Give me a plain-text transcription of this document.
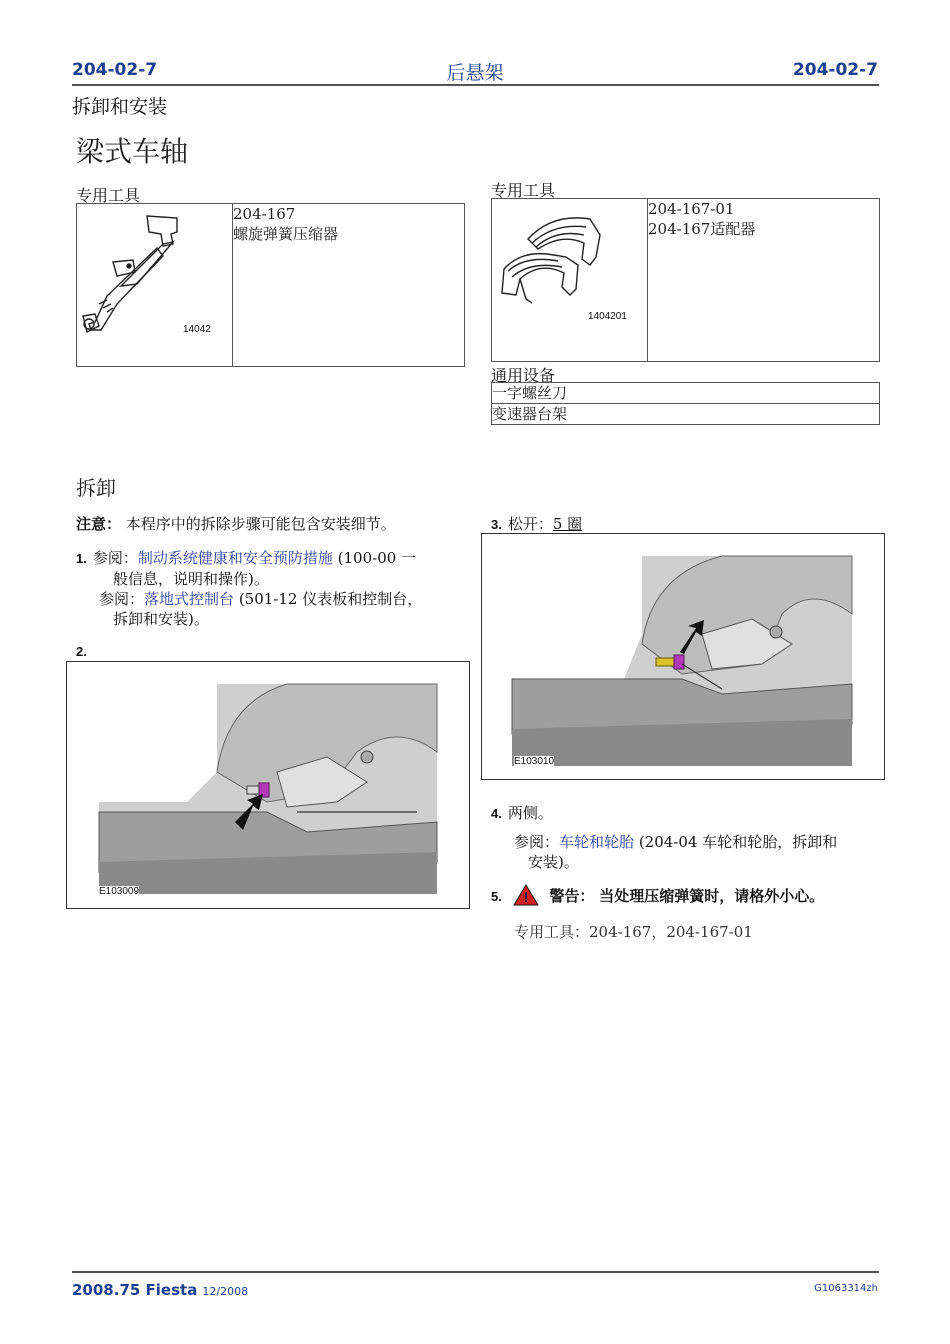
204-02-7	后悬架	204-02-7
拆卸和安装
梁式车轴
专用工具
14042

204-167
螺旋弹簧压缩器
专用工具
1404201

204-167-01
204-167适配器
通用设备
一字螺丝刀
变速器台架
拆卸
注意： 本程序中的拆除步骤可能包含安装细节。
1. 参阅：制动系统健康和安全预防措施 (100-00 一
般信息，说明和操作)。
参阅：落地式控制台 (501-12 仪表板和控制台，
拆卸和安装)。
2.
E103009
3. 松开：5 圈
E103010
4. 两侧。
参阅：车轮和轮胎 (204-04 车轮和轮胎，拆卸和
安装)。
5.	警告： 当处理压缩弹簧时，请格外小心。
专用工具：204-167，204-167-01
2008.75 Fiesta 12/2008	G1063314zh
